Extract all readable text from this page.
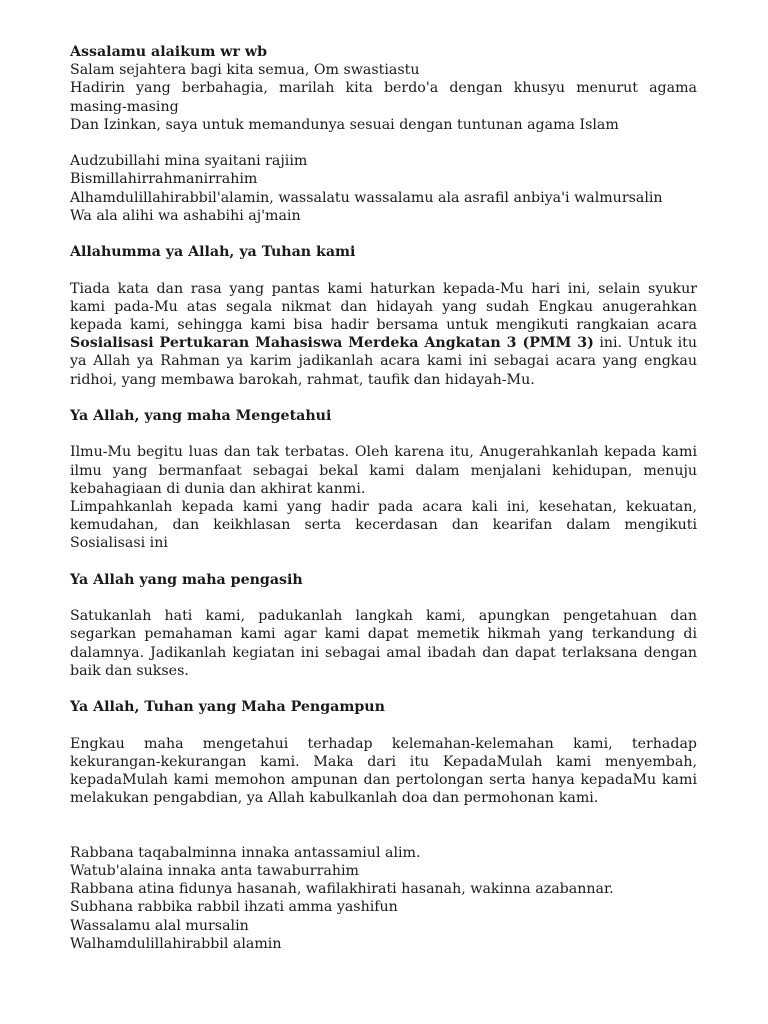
Assalamu alaikum wr wb

Salam sejahtera bagi kita semua, Om swastiastu

Hadirin yang berbahagia, marilah kita berdo'a dengan khusyu menurut agama masing-masing

Dan Izinkan, saya untuk memandunya sesuai dengan tuntunan agama Islam

Audzubillahi mina syaitani rajiim

Bismillahirrahmanirrahim

Alhamdulillahirabbil'alamin, wassalatu wassalamu ala asrafil anbiya'i walmursalin

Wa ala alihi wa ashabihi aj'main

Allahumma ya Allah, ya Tuhan kami

Tiada kata dan rasa yang pantas kami haturkan kepada-Mu hari ini, selain syukur kami pada-Mu atas segala nikmat dan hidayah yang sudah Engkau anugerahkan kepada kami, sehingga kami bisa hadir bersama untuk mengikuti rangkaian acara Sosialisasi Pertukaran Mahasiswa Merdeka Angkatan 3 (PMM 3) ini. Untuk itu ya Allah ya Rahman ya karim jadikanlah acara kami ini sebagai acara yang engkau ridhoi, yang membawa barokah, rahmat, taufik dan hidayah-Mu.

Ya Allah, yang maha Mengetahui

Ilmu-Mu begitu luas dan tak terbatas. Oleh karena itu, Anugerahkanlah kepada kami ilmu yang bermanfaat sebagai bekal kami dalam menjalani kehidupan, menuju kebahagiaan di dunia dan akhirat kanmi.

Limpahkanlah kepada kami yang hadir pada acara kali ini, kesehatan, kekuatan, kemudahan, dan keikhlasan serta kecerdasan dan kearifan dalam mengikuti Sosialisasi ini

Ya Allah yang maha pengasih

Satukanlah hati kami, padukanlah langkah kami, apungkan pengetahuan dan segarkan pemahaman kami agar kami dapat memetik hikmah yang terkandung di dalamnya. Jadikanlah kegiatan ini sebagai amal ibadah dan dapat terlaksana dengan baik dan sukses.

Ya Allah, Tuhan yang Maha Pengampun

Engkau maha mengetahui terhadap kelemahan-kelemahan kami, terhadap kekurangan-kekurangan kami. Maka dari itu KepadaMulah kami menyembah, kepadaMulah kami memohon ampunan dan pertolongan serta hanya kepadaMu kami melakukan pengabdian, ya Allah kabulkanlah doa dan permohonan kami.

Rabbana taqabalminna innaka antassamiul alim.

Watub'alaina innaka anta tawaburrahim

Rabbana atina fidunya hasanah, wafilakhirati hasanah, wakinna azabannar.

Subhana rabbika rabbil ihzati amma yashifun

Wassalamu alal mursalin

Walhamdulillahirabbil alamin
